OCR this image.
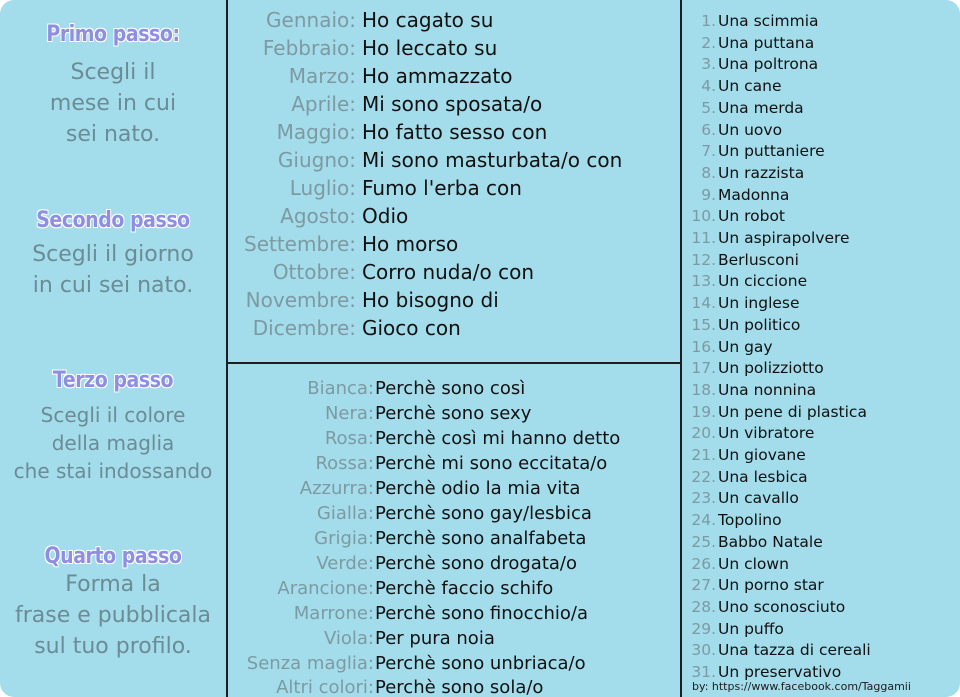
Primo passo:
Scegli il
mese in cui
sei nato.
Secondo passo
Scegli il giorno
in cui sei nato.
Terzo passo
Scegli il colore
della maglia
che stai indossando
Quarto passo
Forma la
frase e pubblicala
sul tuo profilo.
Gennaio: Ho cagato su
Febbraio: Ho leccato su
Marzo: Ho ammazzato
Aprile: Mi sono sposata/o
Maggio: Ho fatto sesso con
Giugno: Mi sono masturbata/o con
Luglio: Fumo l'erba con
Agosto: Odio
Settembre: Ho morso
Ottobre: Corro nuda/o con
Novembre: Ho bisogno di
Dicembre: Gioco con
Bianca: Perchè sono così
Nera: Perchè sono sexy
Rosa: Perchè così mi hanno detto
Rossa: Perchè mi sono eccitata/o
Azzurra: Perchè odio la mia vita
Gialla: Perchè sono gay/lesbica
Grigia: Perchè sono analfabeta
Verde: Perchè sono drogata/o
Arancione: Perchè faccio schifo
Marrone: Perchè sono finocchio/a
Viola: Per pura noia
Senza maglia: Perchè sono unbriaca/o
Altri colori: Perchè sono sola/o
1. Una scimmia
2. Una puttana
3. Una poltrona
4. Un cane
5. Una merda
6. Un uovo
7. Un puttaniere
8. Un razzista
9. Madonna
10. Un robot
11. Un aspirapolvere
12. Berlusconi
13. Un ciccione
14. Un inglese
15. Un politico
16. Un gay
17. Un polizziotto
18. Una nonnina
19. Un pene di plastica
20. Un vibratore
21. Un giovane
22. Una lesbica
23. Un cavallo
24. Topolino
25. Babbo Natale
26. Un clown
27. Un porno star
28. Uno sconosciuto
29. Un puffo
30. Una tazza di cereali
31. Un preservativo
by: https://www.facebook.com/Taggamii
